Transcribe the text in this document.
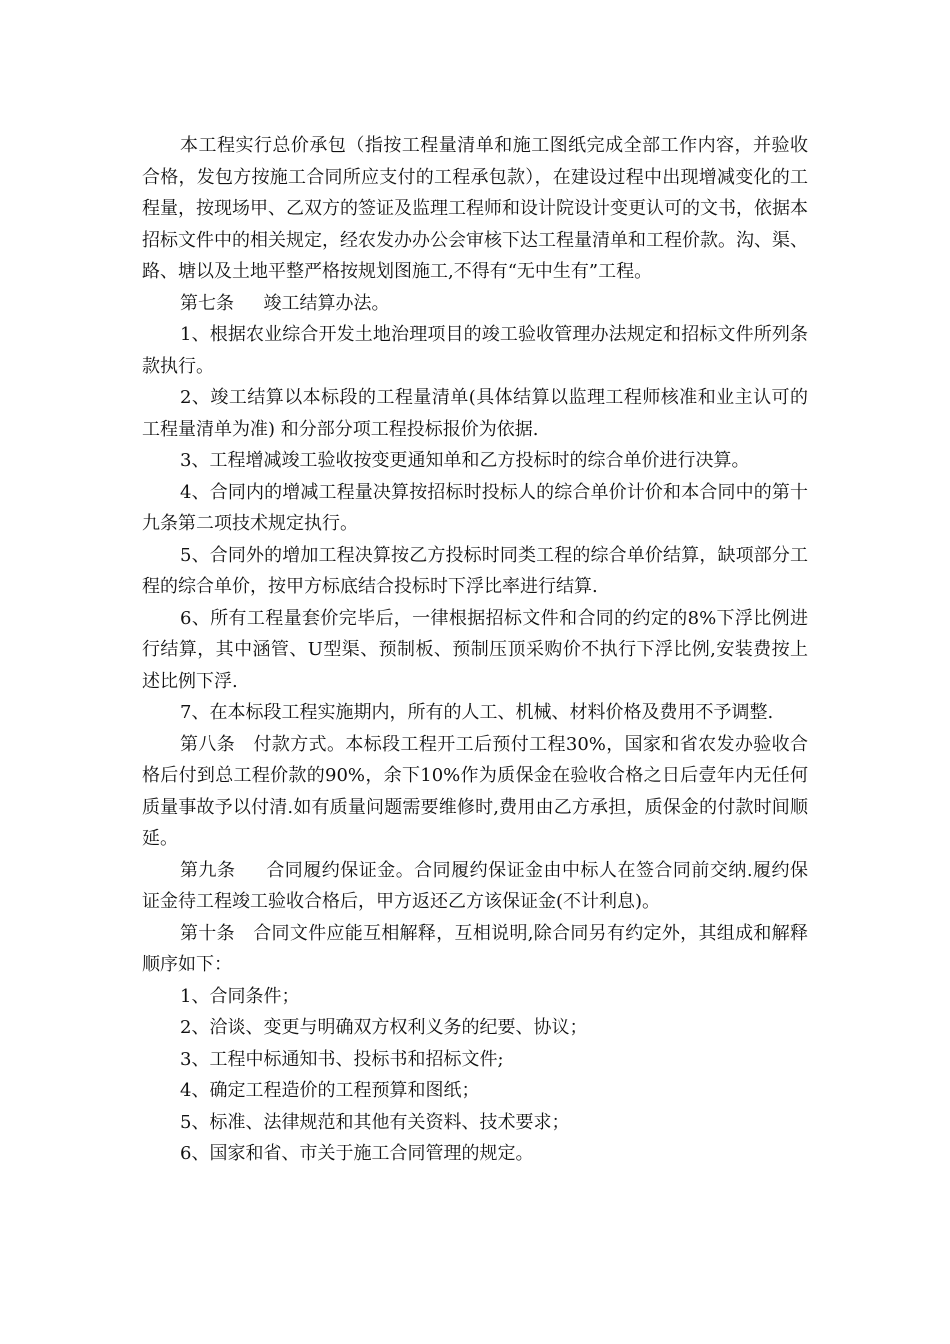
本工程实行总价承包（指按工程量清单和施工图纸完成全部工作内容，并验收合格，发包方按施工合同所应支付的工程承包款），在建设过程中出现增减变化的工程量，按现场甲、乙双方的签证及监理工程师和设计院设计变更认可的文书，依据本招标文件中的相关规定，经农发办办公会审核下达工程量清单和工程价款。沟、渠、路、塘以及土地平整严格按规划图施工,不得有“无中生有”工程。

第七条　  竣工结算办法。

1、根据农业综合开发土地治理项目的竣工验收管理办法规定和招标文件所列条款执行。

2、竣工结算以本标段的工程量清单(具体结算以监理工程师核准和业主认可的工程量清单为准) 和分部分项工程投标报价为依据.

3、工程增减竣工验收按变更通知单和乙方投标时的综合单价进行决算。

4、合同内的增减工程量决算按招标时投标人的综合单价计价和本合同中的第十九条第二项技术规定执行。

5、合同外的增加工程决算按乙方投标时同类工程的综合单价结算，缺项部分工程的综合单价，按甲方标底结合投标时下浮比率进行结算.

6、所有工程量套价完毕后，一律根据招标文件和合同的约定的8%下浮比例进行结算，其中涵管、U型渠、预制板、预制压顶采购价不执行下浮比例,安装费按上述比例下浮.

7、在本标段工程实施期内，所有的人工、机械、材料价格及费用不予调整.

第八条　付款方式。本标段工程开工后预付工程30%，国家和省农发办验收合格后付到总工程价款的90%，余下10%作为质保金在验收合格之日后壹年内无任何质量事故予以付清.如有质量问题需要维修时,费用由乙方承担，质保金的付款时间顺延。

第九条　  合同履约保证金。合同履约保证金由中标人在签合同前交纳.履约保证金待工程竣工验收合格后，甲方返还乙方该保证金(不计利息)。

第十条　合同文件应能互相解释，互相说明,除合同另有约定外，其组成和解释顺序如下：

1、合同条件；

2、洽谈、变更与明确双方权利义务的纪要、协议；

3、工程中标通知书、投标书和招标文件;

4、确定工程造价的工程预算和图纸；

5、标准、法律规范和其他有关资料、技术要求；

6、国家和省、市关于施工合同管理的规定。
